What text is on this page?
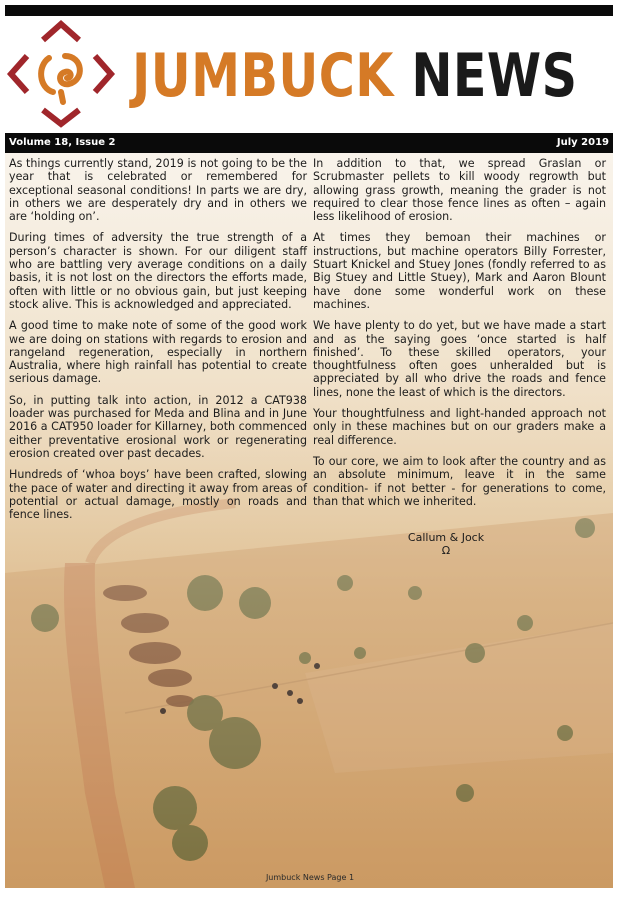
JUMBUCK NEWS
Volume 18, Issue 2	July 2019

As things currently stand, 2019 is not going to be the year that is celebrated or remembered for exceptional seasonal conditions! In parts we are dry, in others we are desperately dry and in others we are ‘holding on’.

During times of adversity the true strength of a person’s character is shown. For our diligent staff who are battling very average conditions on a daily basis, it is not lost on the directors the efforts made, often with little or no obvious gain, but just keeping stock alive. This is acknowledged and appreciated.

A good time to make note of some of the good work we are doing on stations with regards to erosion and rangeland regeneration, especially in northern Australia, where high rainfall has potential to create serious damage.

So, in putting talk into action, in 2012 a CAT938 loader was purchased for Meda and Blina and in June 2016 a CAT950 loader for Killarney, both commenced either preventative erosional work or regenerating erosion created over past decades.

Hundreds of ‘whoa boys’ have been crafted, slowing the pace of water and directing it away from areas of potential or actual damage, mostly on roads and fence lines.

In addition to that, we spread Graslan or Scrubmaster pellets to kill woody regrowth but allowing grass growth, meaning the grader is not required to clear those fence lines as often – again less likelihood of erosion.

At times they bemoan their machines or instructions, but machine operators Billy Forrester, Stuart Knickel and Stuey Jones (fondly referred to as Big Stuey and Little Stuey), Mark and Aaron Blount have done some wonderful work on these machines.

We have plenty to do yet, but we have made a start and as the saying goes ‘once started is half finished’. To these skilled operators, your thoughtfulness often goes unheralded but is appreciated by all who drive the roads and fence lines, none the least of which is the directors.

Your thoughtfulness and light-handed approach not only in these machines but on our graders make a real difference.

To our core, we aim to look after the country and as an absolute minimum, leave it in the same condition- if not better - for generations to come, than that which we inherited.

Callum & Jock
Ω
Jumbuck News Page 1
